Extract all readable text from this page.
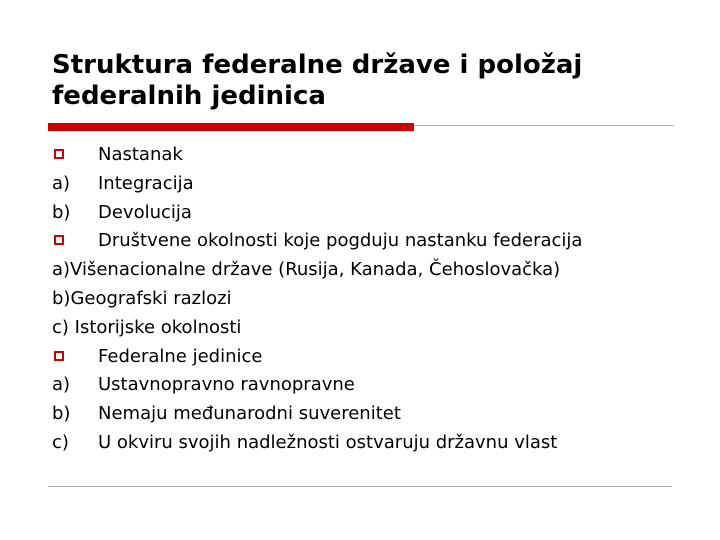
Struktura federalne države i položaj
federalnih jedinica
Nastanak
a) Integracija
b) Devolucija
Društvene okolnosti koje pogduju nastanku federacija
a)Višenacionalne države (Rusija, Kanada, Čehoslovačka)
b)Geografski razlozi
c) Istorijske okolnosti
Federalne jedinice
a) Ustavnopravno ravnopravne
b) Nemaju međunarodni suverenitet
c) U okviru svojih nadležnosti ostvaruju državnu vlast
